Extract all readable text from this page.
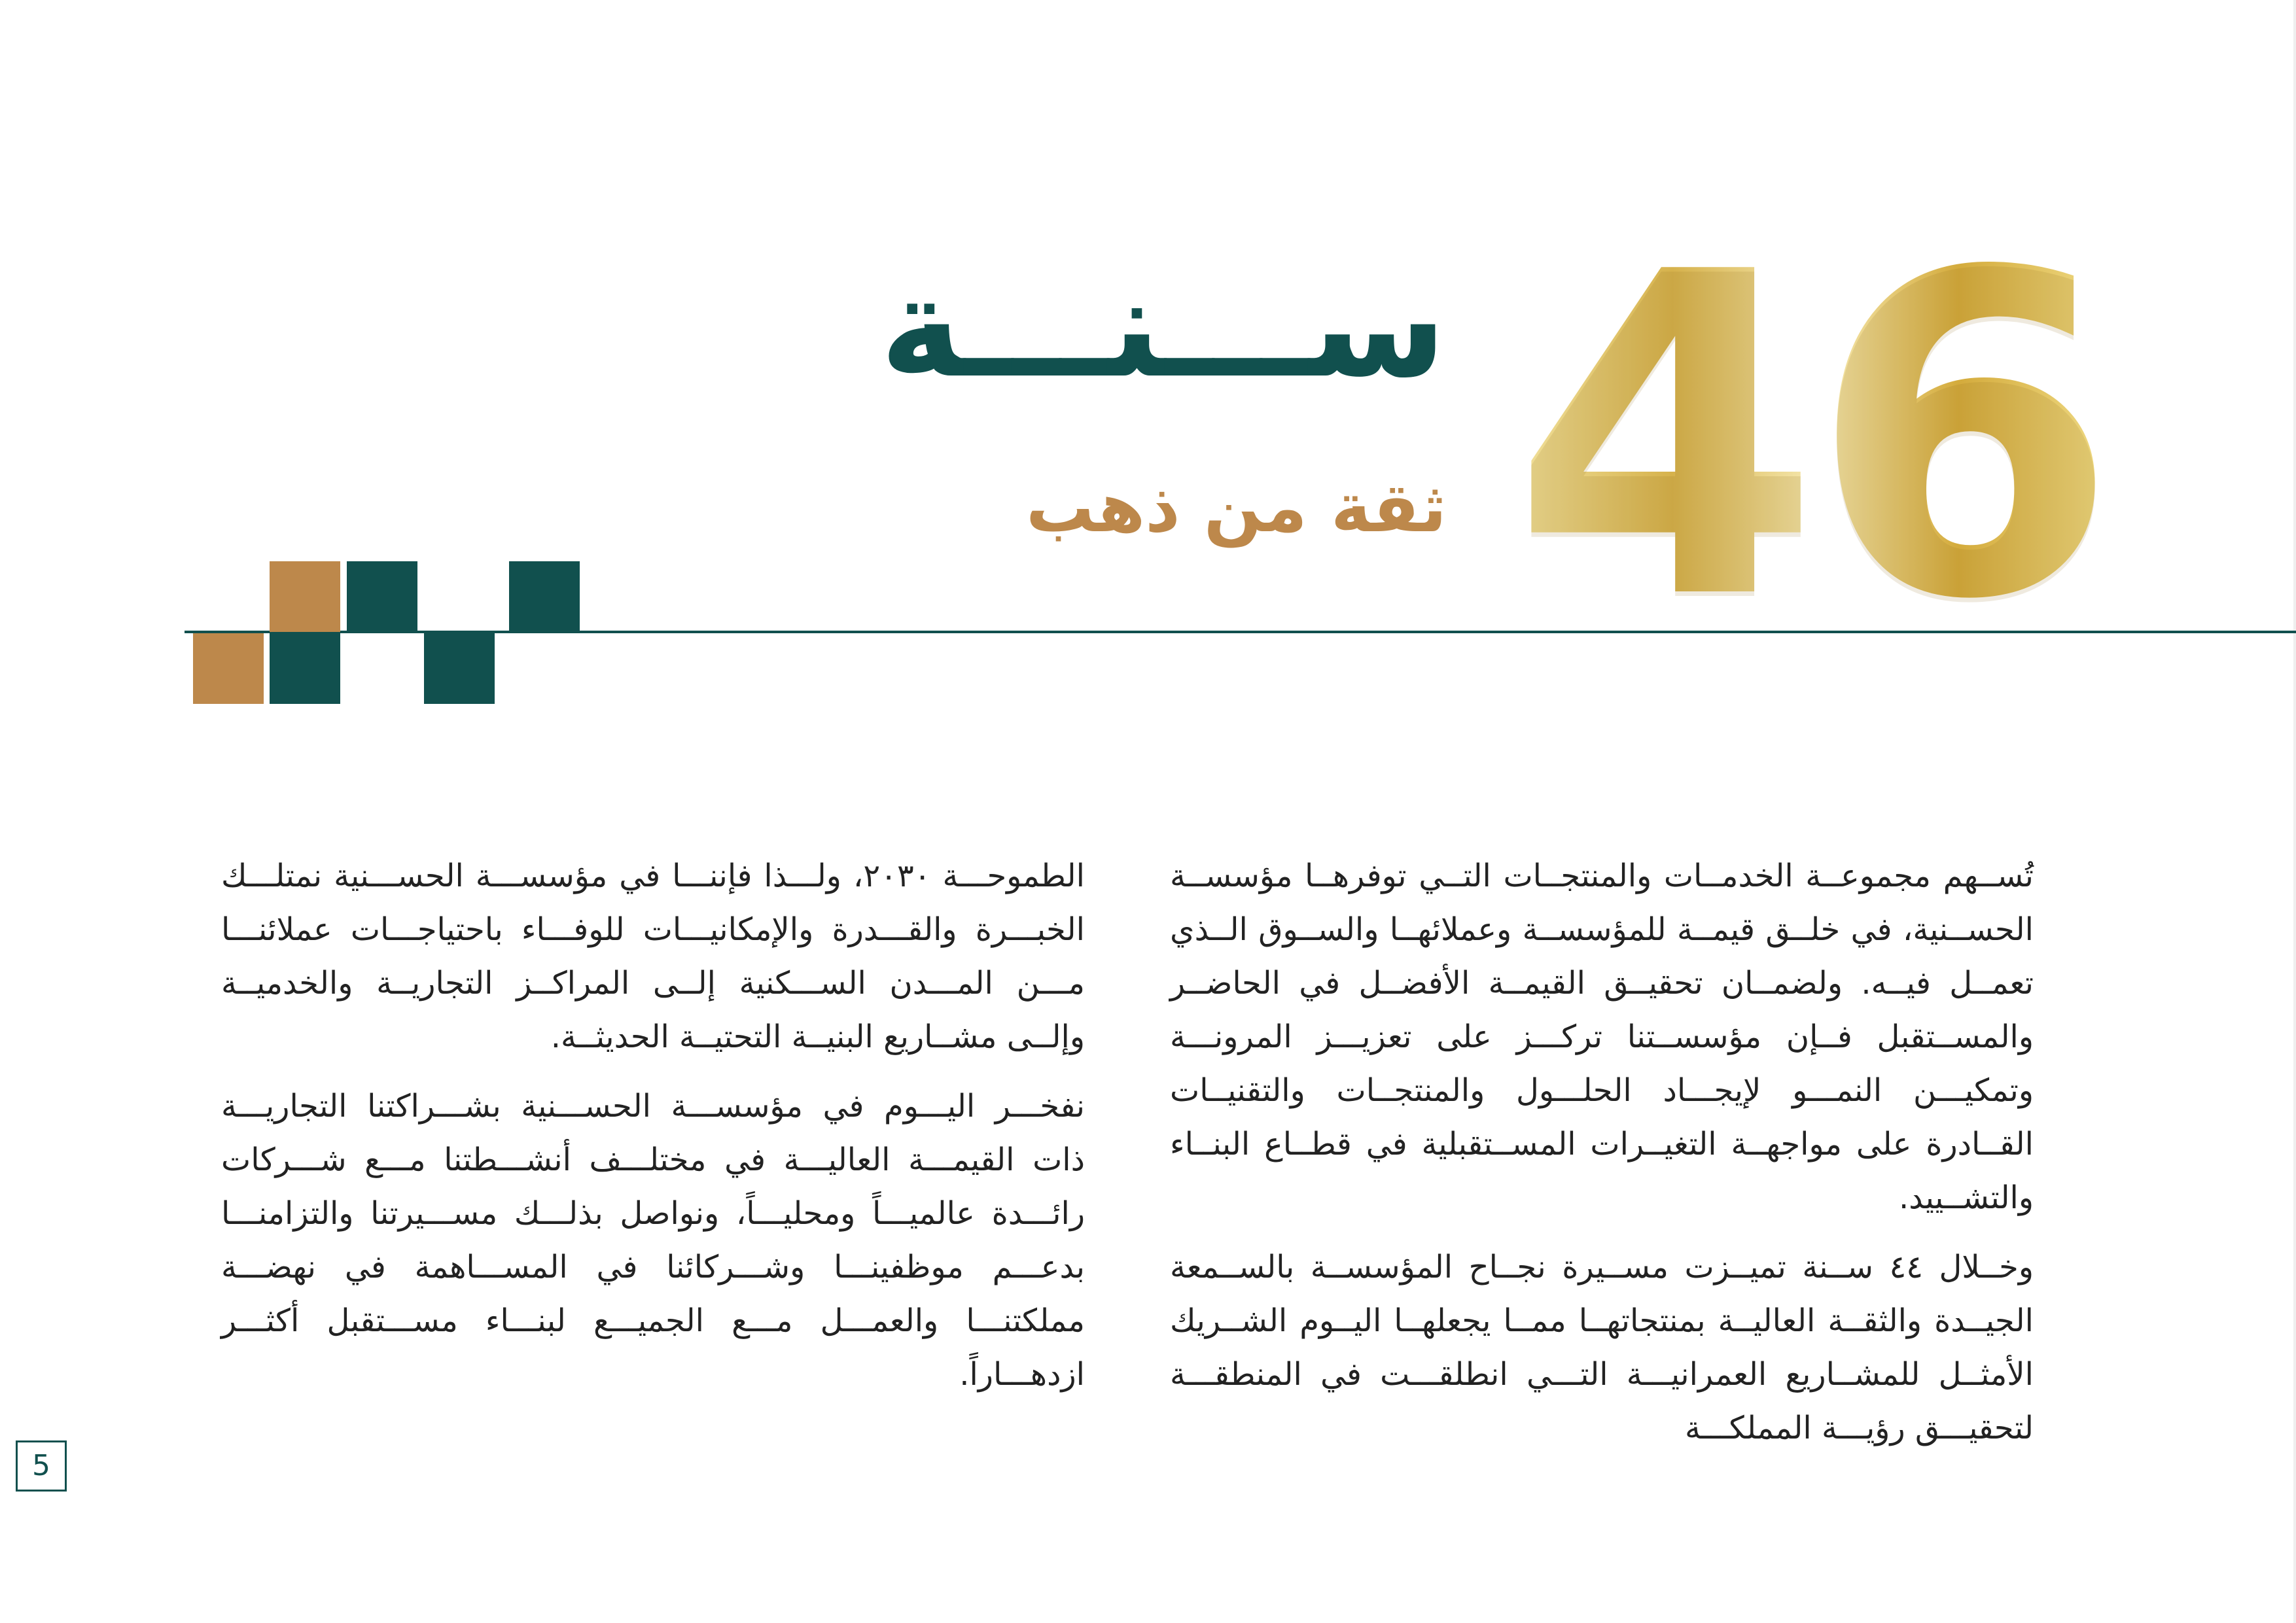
46
ســـنـــة
ثقة من ذهب

تُســهم مجموعــة الخدمــات والمنتجــات التــي توفرهــا مؤسســة الحســنية، في خلــق قيمــة للمؤسســة وعملائهــا والســوق الــذي تعمــل فيــه. ولضمــان تحقيــق القيمــة الأفضــل في الحاضــر والمســتقبل فــإن مؤسســتنا تركـــز على تعزيـــز المرونـــة وتمكيـــن النمـــو لإيجـــاد الحلـــول والمنتجــات والتقنيــات القــادرة على مواجهــة التغيــرات المســتقبلية في قطــاع البنــاء والتشــييد.

وخــلال ٤٤ ســنة تميــزت مســيرة نجــاح المؤسســة بالســمعة الجيــدة والثقــة العاليــة بمنتجاتهــا ممــا يجعلهــا اليــوم الشــريك الأمثــل للمشــاريع العمرانيـــة التـــي انطلقـــت في المنطقـــة لتحقيـــق رؤيـــة المملكـــة

الطموحـــة ٢٠٣٠، ولـــذا فإننـــا في مؤسســـة الحســـنية نمتلـــك الخبـــرة والقـــدرة والإمكانيـــات للوفـــاء باحتياجـــات عملائنـــا مـــن المـــدن الســـكنية إلــى المراكــز التجاريــة والخدميــة وإلــى مشــاريع البنيــة التحتيــة الحديثــة.

نفخـــر اليـــوم في مؤسســـة الحســـنية بشـــراكتنا التجاريـــة ذات القيمـــة العاليـــة في مختلـــف أنشـــطتنا مـــع شـــركات رائـــدة عالميـــاً ومحليـــاً، ونواصل بذلـــك مســـيرتنا والتزامنـــا بدعـــم موظفينـــا وشـــركائنا في المســـاهمة في نهضـــة مملكتنـــا والعمـــل مـــع الجميـــع لبنـــاء مســـتقبل أكثـــر ازدهـــاراً.

5
